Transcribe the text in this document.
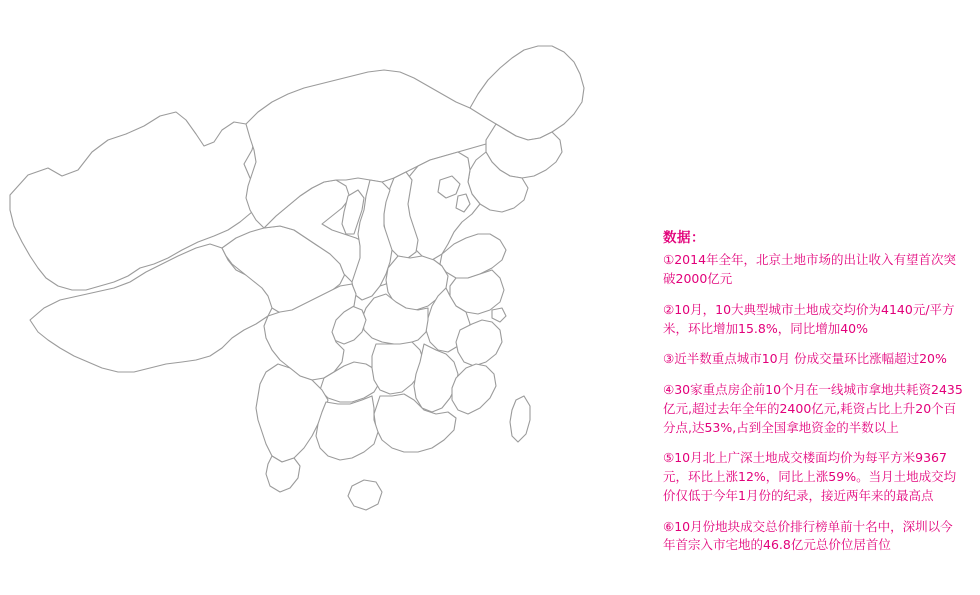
数据：

①2014年全年，北京土地市场的出让收入有望首次突破2000亿元

②10月，10大典型城市土地成交均价为4140元/平方米，环比增加15.8%，同比增加40%

③近半数重点城市10月 份成交量环比涨幅超过20%

④30家重点房企前10个月在一线城市拿地共耗资2435亿元,超过去年全年的2400亿元,耗资占比上升20个百分点,达53%,占到全国拿地资金的半数以上

⑤10月北上广深土地成交楼面均价为每平方米9367元，环比上涨12%，同比上涨59%。当月土地成交均价仅低于今年1月份的纪录，接近两年来的最高点

⑥10月份地块成交总价排行榜单前十名中，深圳以今年首宗入市宅地的46.8亿元总价位居首位
